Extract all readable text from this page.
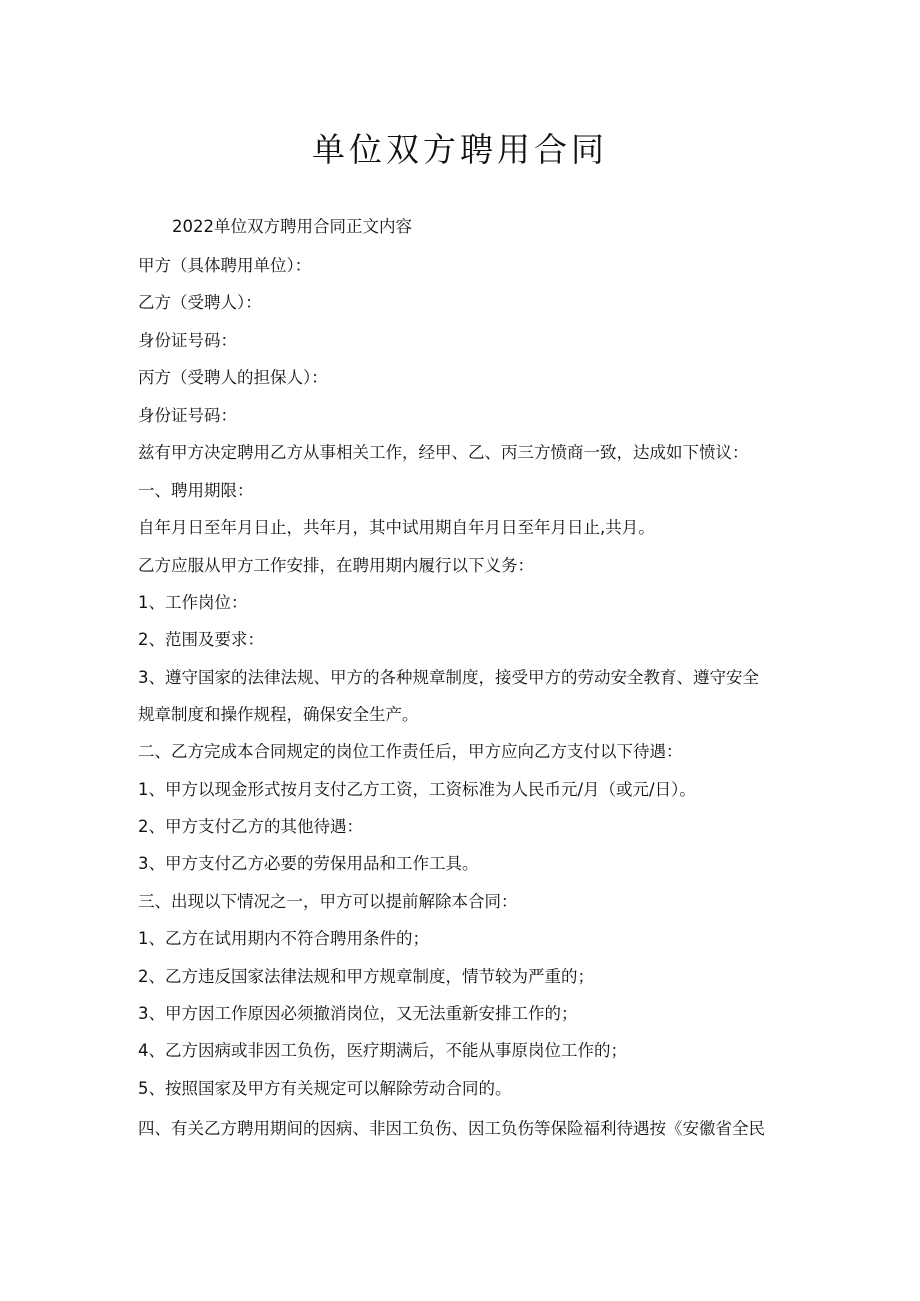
单位双方聘用合同
2022单位双方聘用合同正文内容
甲方（具体聘用单位）：
乙方（受聘人）：
身份证号码：
丙方（受聘人的担保人）：
身份证号码：
兹有甲方决定聘用乙方从事相关工作，经甲、乙、丙三方愤商一致，达成如下愤议：
一、聘用期限：
自年月日至年月日止，共年月，其中试用期自年月日至年月日止,共月。
乙方应服从甲方工作安排，在聘用期内履行以下义务：
1、工作岗位：
2、范围及要求：
3、遵守国家的法律法规、甲方的各种规章制度，接受甲方的劳动安全教育、遵守安全
规章制度和操作规程，确保安全生产。
二、乙方完成本合同规定的岗位工作责任后，甲方应向乙方支付以下待遇：
1、甲方以现金形式按月支付乙方工资，工资标准为人民币元/月（或元/日）。
2、甲方支付乙方的其他待遇：
3、甲方支付乙方必要的劳保用品和工作工具。
三、出现以下情况之一，甲方可以提前解除本合同：
1、乙方在试用期内不符合聘用条件的；
2、乙方违反国家法律法规和甲方规章制度，情节较为严重的；
3、甲方因工作原因必须撤消岗位，又无法重新安排工作的；
4、乙方因病或非因工负伤，医疗期满后，不能从事原岗位工作的；
5、按照国家及甲方有关规定可以解除劳动合同的。
四、有关乙方聘用期间的因病、非因工负伤、因工负伤等保险福利待遇按《安徽省全民
